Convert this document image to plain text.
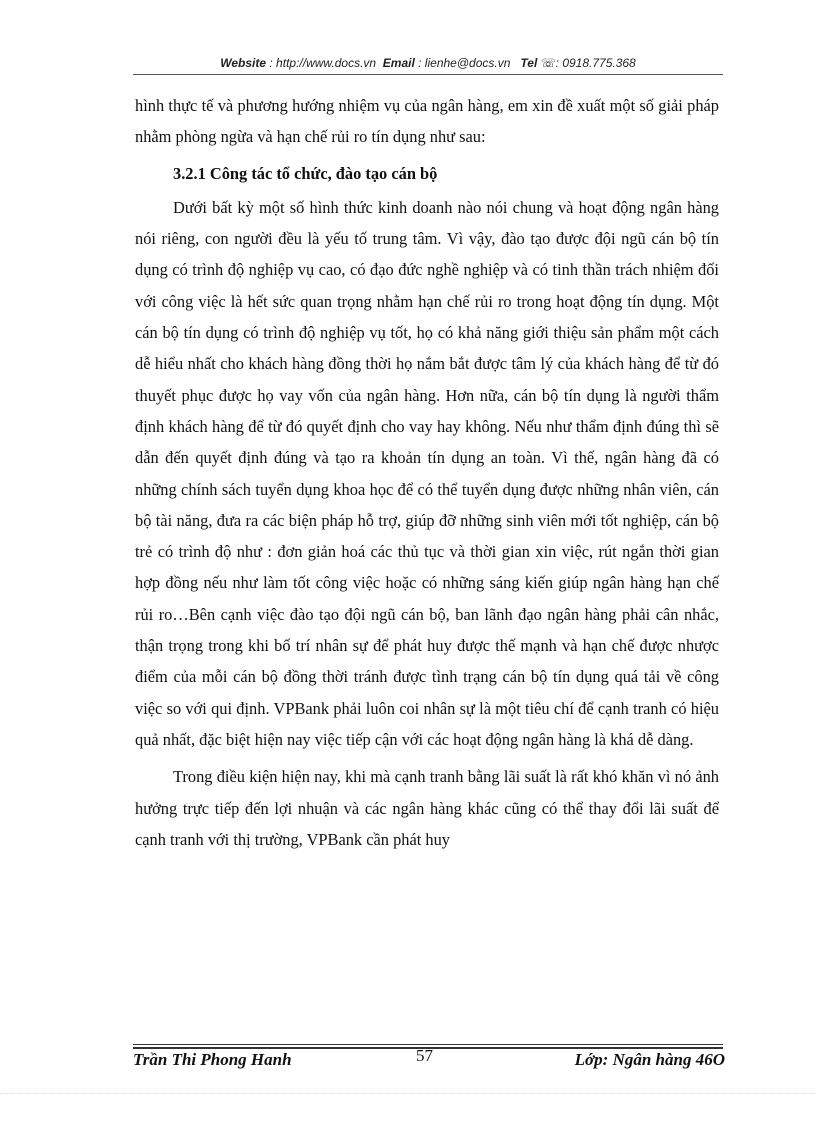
Website : http://www.docs.vn Email : lienhe@docs.vn Tel ☏: 0918.775.368

hình thực tế và phương hướng nhiệm vụ của ngân hàng, em xin đề xuất một số giải pháp nhằm phòng ngừa và hạn chế rủi ro tín dụng như sau:

3.2.1 Công tác tổ chức, đào tạo cán bộ

Dưới bất kỳ một số hình thức kinh doanh nào nói chung và hoạt động ngân hàng nói riêng, con người đều là yếu tố trung tâm. Vì vậy, đào tạo được đội ngũ cán bộ tín dụng có trình độ nghiệp vụ cao, có đạo đức nghề nghiệp và có tinh thần trách nhiệm đối với công việc là hết sức quan trọng nhằm hạn chế rủi ro trong hoạt động tín dụng. Một cán bộ tín dụng có trình độ nghiệp vụ tốt, họ có khả năng giới thiệu sản phẩm một cách dễ hiểu nhất cho khách hàng đồng thời họ nắm bắt được tâm lý của khách hàng để từ đó thuyết phục được họ vay vốn của ngân hàng. Hơn nữa, cán bộ tín dụng là người thẩm định khách hàng để từ đó quyết định cho vay hay không. Nếu như thẩm định đúng thì sẽ dẫn đến quyết định đúng và tạo ra khoản tín dụng an toàn. Vì thế, ngân hàng đã có những chính sách tuyển dụng khoa học để có thể tuyển dụng được những nhân viên, cán bộ tài năng, đưa ra các biện pháp hỗ trợ, giúp đỡ những sinh viên mới tốt nghiệp, cán bộ trẻ có trình độ như : đơn giản hoá các thủ tục và thời gian xin việc, rút ngắn thời gian hợp đồng nếu như làm tốt công việc hoặc có những sáng kiến giúp ngân hàng hạn chế rủi ro…Bên cạnh việc đào tạo đội ngũ cán bộ, ban lãnh đạo ngân hàng phải cân nhắc, thận trọng trong khi bố trí nhân sự để phát huy được thế mạnh và hạn chế được nhược điểm của mỗi cán bộ đồng thời tránh được tình trạng cán bộ tín dụng quá tải về công việc so với qui định. VPBank phải luôn coi nhân sự là một tiêu chí để cạnh tranh có hiệu quả nhất, đặc biệt hiện nay việc tiếp cận với các hoạt động ngân hàng là khá dễ dàng.

Trong điều kiện hiện nay, khi mà cạnh tranh bằng lãi suất là rất khó khăn vì nó ảnh hưởng trực tiếp đến lợi nhuận và các ngân hàng khác cũng có thể thay đổi lãi suất để cạnh tranh với thị trường, VPBank cần phát huy

Trần Thi Phong Hanh	57	Lớp: Ngân hàng 46O
